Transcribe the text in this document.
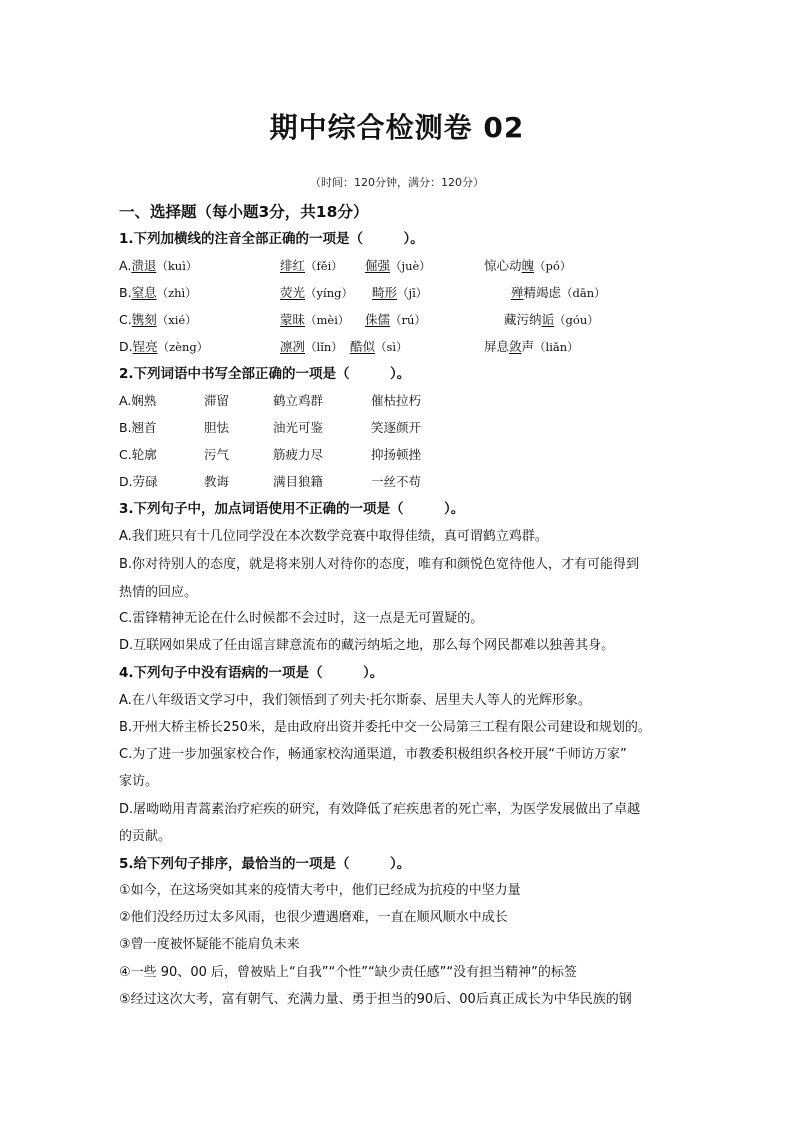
期中综合检测卷 02
（时间：120分钟，满分：120分）
一、选择题（每小题3分，共18分）
1.下列加横线的注音全部正确的一项是（　　　）。
A.溃退（kuì）	绯红（fěi） 倔强（juè）	惊心动魄（pó）
B.窒息（zhì）	荧光（yíng） 畸形（jī）	殚精竭虑（dān）
C.镌刻（xié）	蒙昧（mèi） 侏儒（rú）	藏污纳诟（góu）
D.锃亮（zèng）	凛冽（lǐn） 酷似（sì）	屏息敛声（liǎn）
2.下列词语中书写全部正确的一项是（　　　）。
A.娴熟	滞留	鹤立鸡群	催枯拉朽
B.翘首	胆怯	油光可鉴	笑逐颜开
C.轮廓	污气	筋疲力尽	抑扬顿挫
D.劳碌	教诲	满目狼籍	一丝不苟
3.下列句子中，加点词语使用不正确的一项是（　　　）。
A.我们班只有十几位同学没在本次数学竞赛中取得佳绩，真可谓鹤立鸡群。
B.你对待别人的态度，就是将来别人对待你的态度，唯有和颜悦色宽待他人，才有可能得到
热情的回应。
C.雷锋精神无论在什么时候都不会过时，这一点是无可置疑的。
D.互联网如果成了任由谣言肆意流布的藏污纳垢之地，那么每个网民都难以独善其身。
4.下列句子中没有语病的一项是（　　　）。
A.在八年级语文学习中，我们领悟到了列夫·托尔斯泰、居里夫人等人的光辉形象。
B.开州大桥主桥长250米，是由政府出资并委托中交一公局第三工程有限公司建设和规划的。
C.为了进一步加强家校合作，畅通家校沟通渠道，市教委积极组织各校开展“千师访万家”
家访。
D.屠呦呦用青蒿素治疗疟疾的研究，有效降低了疟疾患者的死亡率，为医学发展做出了卓越
的贡献。
5.给下列句子排序，最恰当的一项是（　　　）。
①如今，在这场突如其来的疫情大考中，他们已经成为抗疫的中坚力量
②他们没经历过太多风雨，也很少遭遇磨难，一直在顺风顺水中成长
③曾一度被怀疑能不能肩负未来
④一些 90、00 后，曾被贴上“自我”“个性”“缺少责任感”“没有担当精神”的标签
⑤经过这次大考，富有朝气、充满力量、勇于担当的90后、00后真正成长为中华民族的钢
